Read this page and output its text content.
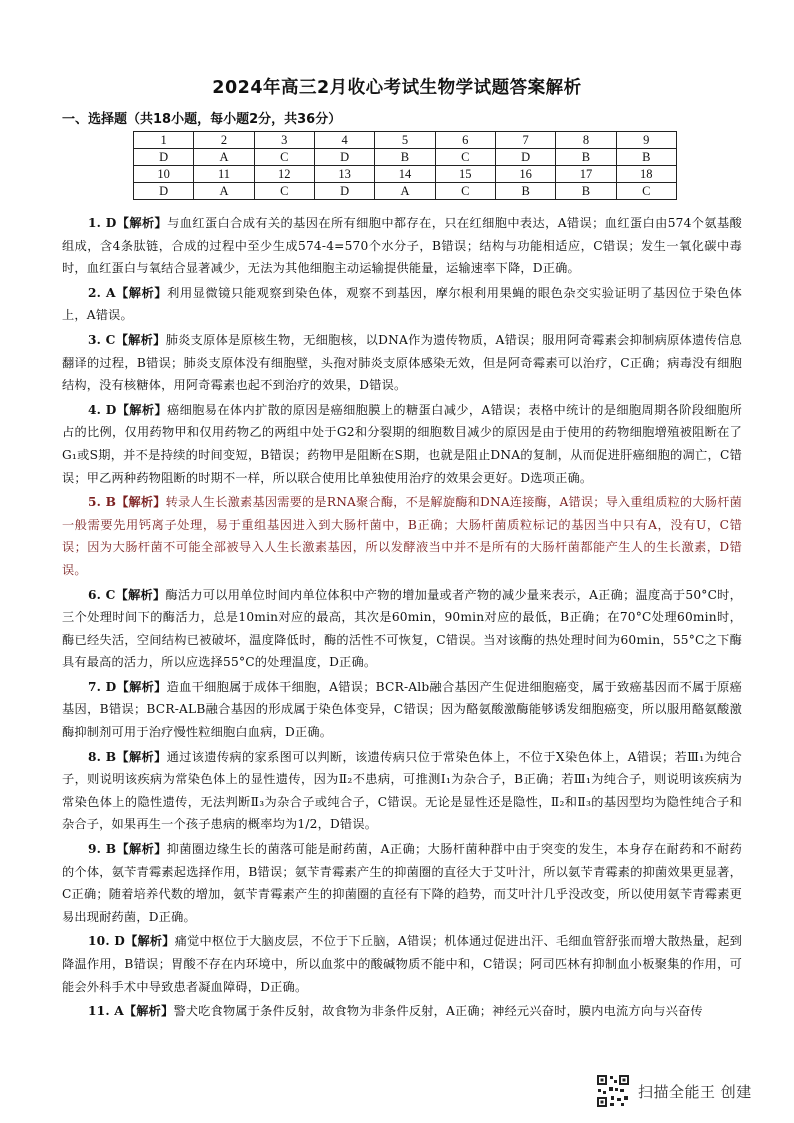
2024年高三2月收心考试生物学试题答案解析
一、选择题（共18小题，每小题2分，共36分）
1	2	3	4	5	6	7	8	9
D	A	C	D	B	C	D	B	B
10	11	12	13	14	15	16	17	18
D	A	C	D	A	C	B	B	C

1. D【解析】与血红蛋白合成有关的基因在所有细胞中都存在，只在红细胞中表达，A错误；血红蛋白由574个氨基酸组成，含4条肽链，合成的过程中至少生成574-4=570个水分子，B错误；结构与功能相适应，C错误；发生一氧化碳中毒时，血红蛋白与氧结合显著减少，无法为其他细胞主动运输提供能量，运输速率下降，D正确。

2. A【解析】利用显微镜只能观察到染色体，观察不到基因，摩尔根利用果蝇的眼色杂交实验证明了基因位于染色体上，A错误。

3. C【解析】肺炎支原体是原核生物，无细胞核，以DNA作为遗传物质，A错误；服用阿奇霉素会抑制病原体遗传信息翻译的过程，B错误；肺炎支原体没有细胞壁，头孢对肺炎支原体感染无效，但是阿奇霉素可以治疗，C正确；病毒没有细胞结构，没有核糖体，用阿奇霉素也起不到治疗的效果，D错误。

4. D【解析】癌细胞易在体内扩散的原因是癌细胞膜上的糖蛋白减少，A错误；表格中统计的是细胞周期各阶段细胞所占的比例，仅用药物甲和仅用药物乙的两组中处于G2和分裂期的细胞数目减少的原因是由于使用的药物细胞增殖被阻断在了G₁或S期，并不是持续的时间变短，B错误；药物甲是阻断在S期，也就是阻止DNA的复制，从而促进肝癌细胞的凋亡，C错误；甲乙两种药物阻断的时期不一样，所以联合使用比单独使用治疗的效果会更好。D选项正确。

5. B【解析】转录人生长激素基因需要的是RNA聚合酶，不是解旋酶和DNA连接酶，A错误；导入重组质粒的大肠杆菌一般需要先用钙离子处理，易于重组基因进入到大肠杆菌中，B正确；大肠杆菌质粒标记的基因当中只有A，没有U，C错误；因为大肠杆菌不可能全部被导入人生长激素基因，所以发酵液当中并不是所有的大肠杆菌都能产生人的生长激素，D错误。

6. C【解析】酶活力可以用单位时间内单位体积中产物的增加量或者产物的减少量来表示，A正确；温度高于50°C时，三个处理时间下的酶活力，总是10min对应的最高，其次是60min，90min对应的最低，B正确；在70°C处理60min时，酶已经失活，空间结构已被破坏，温度降低时，酶的活性不可恢复，C错误。当对该酶的热处理时间为60min，55°C之下酶具有最高的活力，所以应选择55°C的处理温度，D正确。

7. D【解析】造血干细胞属于成体干细胞，A错误；BCR-Alb融合基因产生促进细胞癌变，属于致癌基因而不属于原癌基因，B错误；BCR-ALB融合基因的形成属于染色体变异，C错误；因为酪氨酸激酶能够诱发细胞癌变，所以服用酪氨酸激酶抑制剂可用于治疗慢性粒细胞白血病，D正确。

8. B【解析】通过该遗传病的家系图可以判断，该遗传病只位于常染色体上，不位于X染色体上，A错误；若Ⅲ₁为纯合子，则说明该疾病为常染色体上的显性遗传，因为Ⅱ₂不患病，可推测Ⅰ₁为杂合子，B正确；若Ⅲ₁为纯合子，则说明该疾病为常染色体上的隐性遗传，无法判断Ⅱ₃为杂合子或纯合子，C错误。无论是显性还是隐性，Ⅱ₂和Ⅱ₃的基因型均为隐性纯合子和杂合子，如果再生一个孩子患病的概率均为1/2，D错误。

9. B【解析】抑菌圈边缘生长的菌落可能是耐药菌，A正确；大肠杆菌种群中由于突变的发生，本身存在耐药和不耐药的个体，氨苄青霉素起选择作用，B错误；氨苄青霉素产生的抑菌圈的直径大于艾叶汁，所以氨苄青霉素的抑菌效果更显著，C正确；随着培养代数的增加，氨苄青霉素产生的抑菌圈的直径有下降的趋势，而艾叶汁几乎没改变，所以使用氨苄青霉素更易出现耐药菌，D正确。

10. D【解析】痛觉中枢位于大脑皮层，不位于下丘脑，A错误；机体通过促进出汗、毛细血管舒张而增大散热量，起到降温作用，B错误；胃酸不存在内环境中，所以血浆中的酸碱物质不能中和，C错误；阿司匹林有抑制血小板聚集的作用，可能会外科手术中导致患者凝血障碍，D正确。

11. A【解析】警犬吃食物属于条件反射，故食物为非条件反射，A正确；神经元兴奋时，膜内电流方向与兴奋传

扫描全能王 创建
